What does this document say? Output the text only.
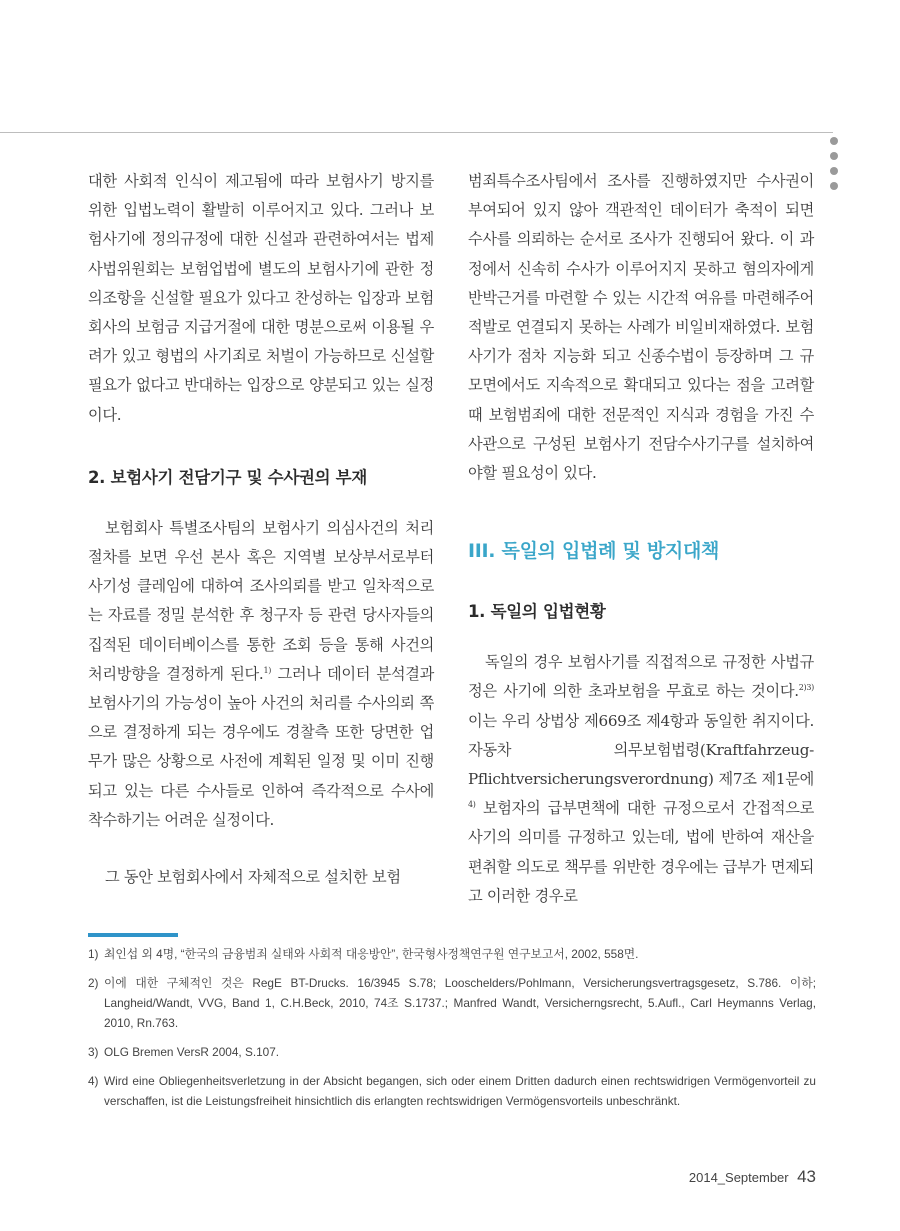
대한 사회적 인식이 제고됨에 따라 보험사기 방지를 위한 입법노력이 활발히 이루어지고 있다. 그러나 보험사기에 정의규정에 대한 신설과 관련하여서는 법제사법위원회는 보험업법에 별도의 보험사기에 관한 정의조항을 신설할 필요가 있다고 찬성하는 입장과 보험회사의 보험금 지급거절에 대한 명분으로써 이용될 우려가 있고 형법의 사기죄로 처벌이 가능하므로 신설할 필요가 없다고 반대하는 입장으로 양분되고 있는 실정이다.

2. 보험사기 전담기구 및 수사권의 부재

보험회사 특별조사팀의 보험사기 의심사건의 처리절차를 보면 우선 본사 혹은 지역별 보상부서로부터 사기성 클레임에 대하여 조사의뢰를 받고 일차적으로는 자료를 정밀 분석한 후 청구자 등 관련 당사자들의 집적된 데이터베이스를 통한 조회 등을 통해 사건의 처리방향을 결정하게 된다.$^{1)}$ 그러나 데이터 분석결과 보험사기의 가능성이 높아 사건의 처리를 수사의뢰 쪽으로 결정하게 되는 경우에도 경찰측 또한 당면한 업무가 많은 상황으로 사전에 계획된 일정 및 이미 진행되고 있는 다른 수사들로 인하여 즉각적으로 수사에 착수하기는 어려운 실정이다.

그 동안 보험회사에서 자체적으로 설치한 보험

범죄특수조사팀에서 조사를 진행하였지만 수사권이 부여되어 있지 않아 객관적인 데이터가 축적이 되면 수사를 의뢰하는 순서로 조사가 진행되어 왔다. 이 과정에서 신속히 수사가 이루어지지 못하고 혐의자에게 반박근거를 마련할 수 있는 시간적 여유를 마련해주어 적발로 연결되지 못하는 사례가 비일비재하였다. 보험사기가 점차 지능화 되고 신종수법이 등장하며 그 규모면에서도 지속적으로 확대되고 있다는 점을 고려할 때 보험범죄에 대한 전문적인 지식과 경험을 가진 수사관으로 구성된 보험사기 전담수사기구를 설치하여야할 필요성이 있다.

III. 독일의 입법례 및 방지대책
1. 독일의 입법현황

독일의 경우 보험사기를 직접적으로 규정한 사법규정은 사기에 의한 초과보험을 무효로 하는 것이다.$^{2)3)}$ 이는 우리 상법상 제669조 제4항과 동일한 취지이다. 자동차 의무보험법령(Kraftfahrzeug-Pflichtversicherungsverordnung) 제7조 제1문에$^{4)}$ 보험자의 급부면책에 대한 규정으로서 간접적으로 사기의 의미를 규정하고 있는데, 법에 반하여 재산을 편취할 의도로 책무를 위반한 경우에는 급부가 면제되고 이러한 경우로

1) 최인섭 외 4명, “한국의 금융범죄 실태와 사회적 대응방안”, 한국형사정책연구원 연구보고서, 2002, 558면.
2) 이에 대한 구체적인 것은 RegE BT-Drucks. 16/3945 S.78; Looschelders/Pohlmann, Versicherungsvertragsgesetz, S.786. 이하; Langheid/Wandt, VVG, Band 1, C.H.Beck, 2010, 74조 S.1737.; Manfred Wandt, Versicherngsrecht, 5.Aufl., Carl Heymanns Verlag, 2010, Rn.763.
3) OLG Bremen VersR 2004, S.107.
4) Wird eine Obliegenheitsverletzung in der Absicht begangen, sich oder einem Dritten dadurch einen rechtswidrigen Vermögenvorteil zu verschaffen, ist die Leistungsfreiheit hinsichtlich dis erlangten rechtswidrigen Vermögensvorteils unbeschränkt.
2014_September 43
